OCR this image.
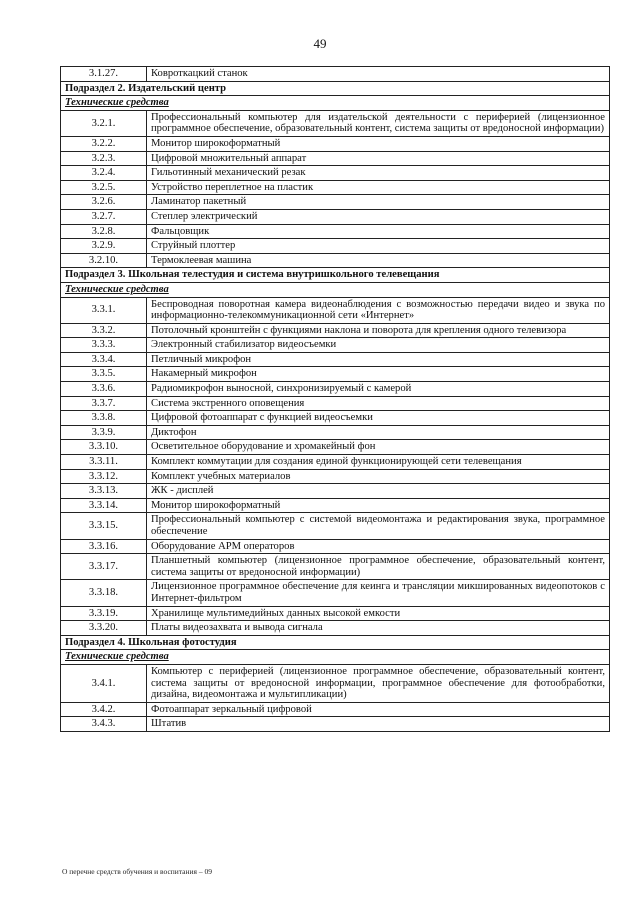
49
3.1.27.	Ковроткацкий станок
Подраздел 2. Издательский центр	
Технические средства	
3.2.1.	Профессиональный компьютер для издательской деятельности с периферией (лицензионное программное обеспечение, образовательный контент, система защиты от вредоносной информации)
3.2.2.	Монитор широкоформатный
3.2.3.	Цифровой множительный аппарат
3.2.4.	Гильотинный механический резак
3.2.5.	Устройство переплетное на пластик
3.2.6.	Ламинатор пакетный
3.2.7.	Степлер электрический
3.2.8.	Фальцовщик
3.2.9.	Струйный плоттер
3.2.10.	Термоклеевая машина
Подраздел 3. Школьная телестудия и система внутришкольного телевещания	
Технические средства	
3.3.1.	Беспроводная поворотная камера видеонаблюдения с возможностью передачи видео и звука по информационно-телекоммуникационной сети «Интернет»
3.3.2.	Потолочный кронштейн с функциями наклона и поворота для крепления одного телевизора
3.3.3.	Электронный стабилизатор видеосъемки
3.3.4.	Петличный микрофон
3.3.5.	Накамерный микрофон
3.3.6.	Радиомикрофон выносной, синхронизируемый с камерой
3.3.7.	Система экстренного оповещения
3.3.8.	Цифровой фотоаппарат с функцией видеосъемки
3.3.9.	Диктофон
3.3.10.	Осветительное оборудование и хромакейный фон
3.3.11.	Комплект коммутации для создания единой функционирующей сети телевещания
3.3.12.	Комплект учебных материалов
3.3.13.	ЖК - дисплей
3.3.14.	Монитор широкоформатный
3.3.15.	Профессиональный компьютер с системой видеомонтажа и редактирования звука, программное обеспечение
3.3.16.	Оборудование АРМ операторов
3.3.17.	Планшетный компьютер (лицензионное программное обеспечение, образовательный контент, система защиты от вредоносной информации)
3.3.18.	Лицензионное программное обеспечение для кеинга и трансляции микшированных видеопотоков с Интернет-фильтром
3.3.19.	Хранилище мультимедийных данных высокой емкости
3.3.20.	Платы видеозахвата и вывода сигнала
Подраздел 4. Школьная фотостудия	
Технические средства	
3.4.1.	Компьютер с периферией (лицензионное программное обеспечение, образовательный контент, система защиты от вредоносной информации, программное обеспечение для фотообработки, дизайна, видеомонтажа и мультипликации)
3.4.2.	Фотоаппарат зеркальный цифровой
3.4.3.	Штатив
О перечне средств обучения и воспитания – 09
